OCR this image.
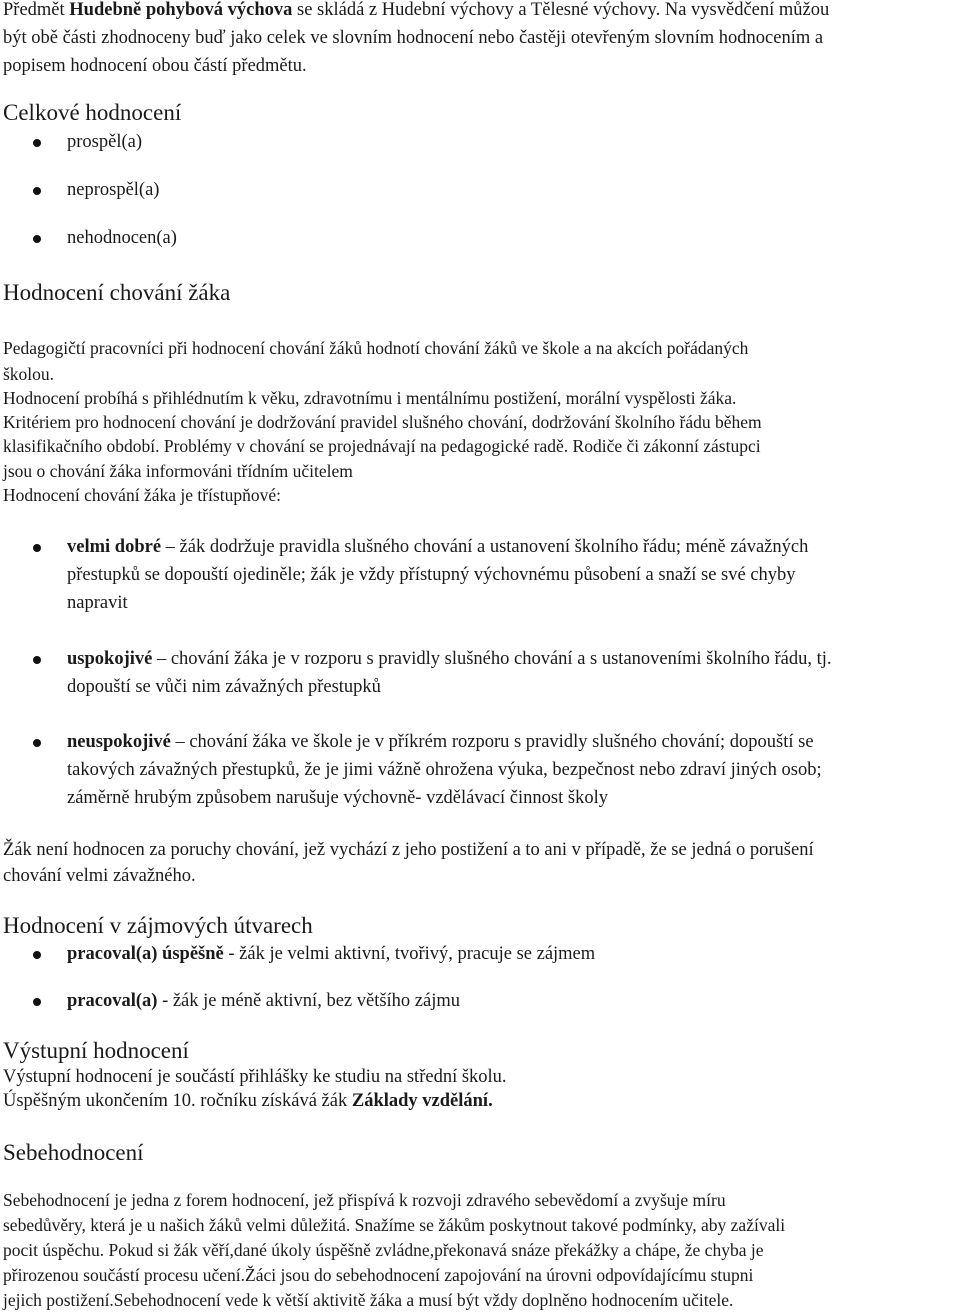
Předmět Hudebně pohybová výchova se skládá z Hudební výchovy a Tělesné výchovy. Na vysvědčení můžou
být obě části zhodnoceny buď jako celek ve slovním hodnocení nebo častěji otevřeným slovním hodnocením a
popisem hodnocení obou částí předmětu.
Celkové hodnocení
prospěl(a)
neprospěl(a)
nehodnocen(a)
Hodnocení chování žáka
Pedagogičtí pracovníci při hodnocení chování žáků hodnotí chování žáků ve škole a na akcích pořádaných
školou.
Hodnocení probíhá s přihlédnutím k věku, zdravotnímu i mentálnímu postižení, morální vyspělosti žáka.
Kritériem pro hodnocení chování je dodržování pravidel slušného chování, dodržování školního řádu během
klasifikačního období. Problémy v chování se projednávají na pedagogické radě. Rodiče či zákonní zástupci
jsou o chování žáka informováni třídním učitelem
Hodnocení chování žáka je třístupňové:
velmi dobré – žák dodržuje pravidla slušného chování a ustanovení školního řádu; méně závažných
přestupků se dopouští ojediněle; žák je vždy přístupný výchovnému působení a snaží se své chyby
napravit
uspokojivé – chování žáka je v rozporu s pravidly slušného chování a s ustanoveními školního řádu, tj.
dopouští se vůči nim závažných přestupků
neuspokojivé – chování žáka ve škole je v příkrém rozporu s pravidly slušného chování; dopouští se
takových závažných přestupků, že je jimi vážně ohrožena výuka, bezpečnost nebo zdraví jiných osob;
záměrně hrubým způsobem narušuje výchovně- vzdělávací činnost školy
Žák není hodnocen za poruchy chování, jež vychází z jeho postižení a to ani v případě, že se jedná o porušení
chování velmi závažného.
Hodnocení v zájmových útvarech
pracoval(a) úspěšně - žák je velmi aktivní, tvořivý, pracuje se zájmem
pracoval(a) - žák je méně aktivní, bez většího zájmu
Výstupní hodnocení
Výstupní hodnocení je součástí přihlášky ke studiu na střední školu.
Úspěšným ukončením 10. ročníku získává žák Základy vzdělání.
Sebehodnocení
Sebehodnocení je jedna z forem hodnocení, jež přispívá k rozvoji zdravého sebevědomí a zvyšuje míru
sebedůvěry, která je u našich žáků velmi důležitá. Snažíme se žákům poskytnout takové podmínky, aby zažívali
pocit úspěchu. Pokud si žák věří,dané úkoly úspěšně zvládne,překonavá snáze překážky a chápe, že chyba je
přirozenou součástí procesu učení.Žáci jsou do sebehodnocení zapojování na úrovni odpovídajícímu stupni
jejich postižení.Sebehodnocení vede k větší aktivitě žáka a musí být vždy doplněno hodnocením učitele.
